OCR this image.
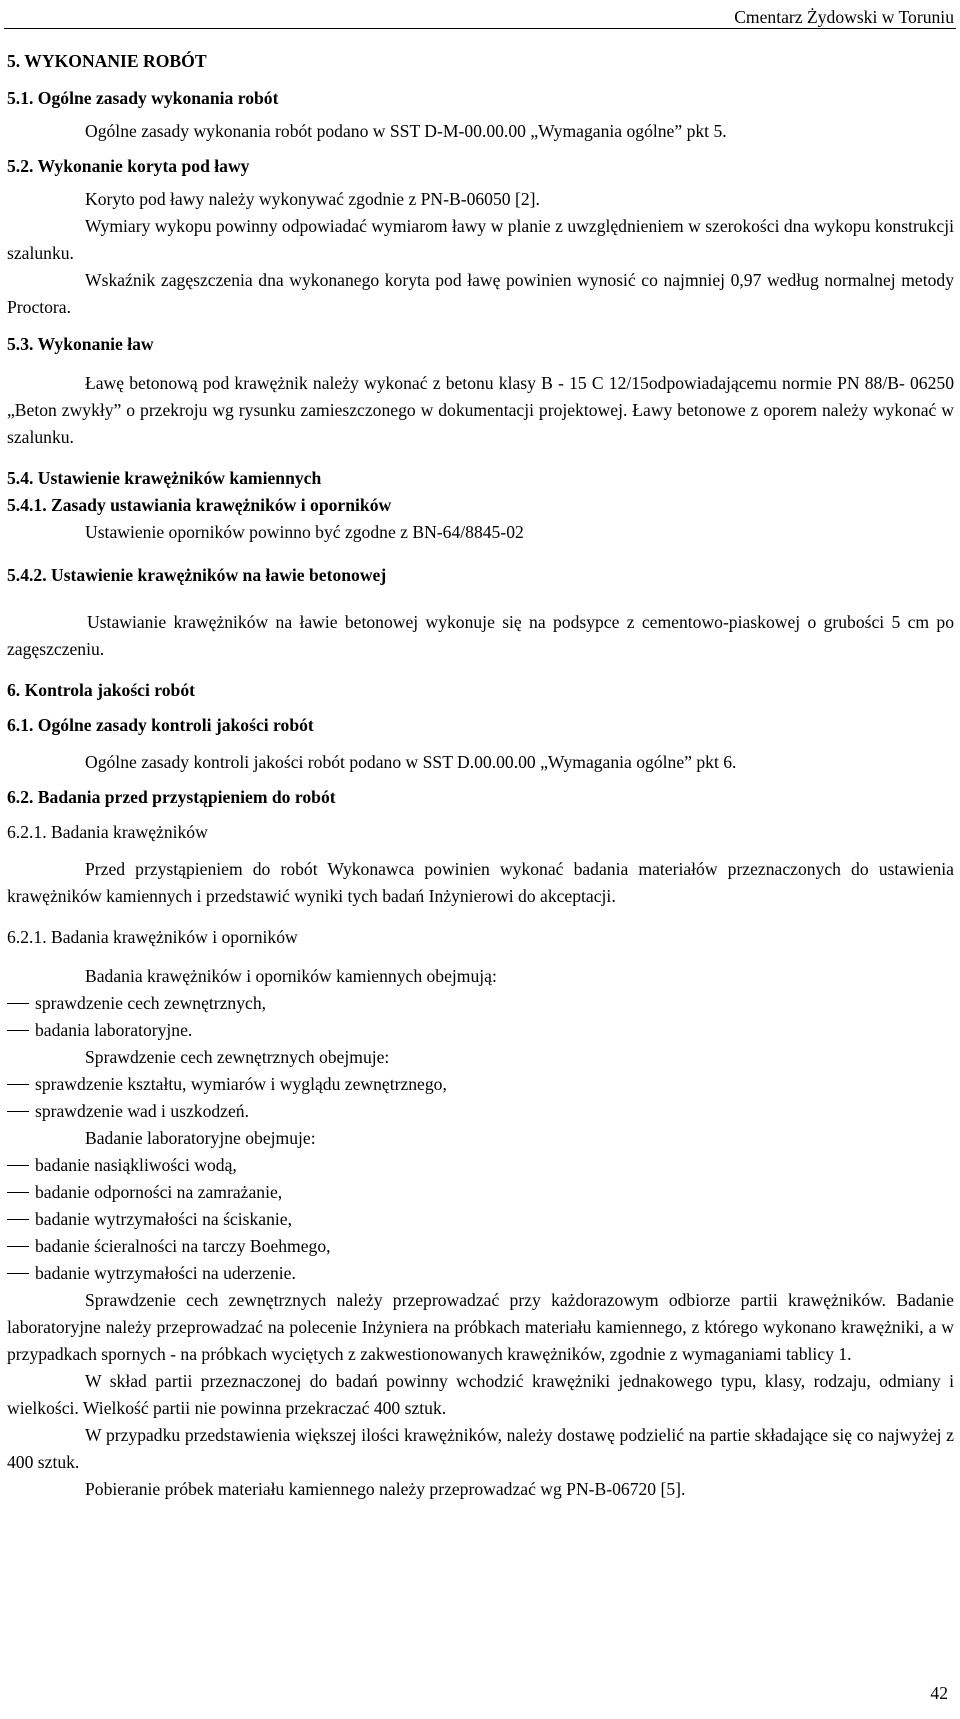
Cmentarz Żydowski w Toruniu
5. WYKONANIE ROBÓT
5.1. Ogólne zasady wykonania robót

Ogólne zasady wykonania robót podano w SST D-M-00.00.00 „Wymagania ogólne” pkt 5.

5.2. Wykonanie koryta pod ławy

Koryto pod ławy należy wykonywać zgodnie z PN-B-06050 [2].

Wymiary wykopu powinny odpowiadać wymiarom ławy w planie z uwzględnieniem w szerokości dna wykopu konstrukcji szalunku.

Wskaźnik zagęszczenia dna wykonanego koryta pod ławę powinien wynosić co najmniej 0,97 według normalnej metody Proctora.

5.3. Wykonanie ław

Ławę betonową pod krawężnik należy wykonać z betonu klasy B - 15 C 12/15odpowiadającemu normie PN 88/B- 06250 „Beton zwykły” o przekroju wg rysunku zamieszczonego w dokumentacji projektowej. Ławy betonowe z oporem należy wykonać w szalunku.

5.4. Ustawienie krawężników kamiennych
5.4.1. Zasady ustawiania krawężników i oporników

Ustawienie oporników powinno być zgodne z BN-64/8845-02

5.4.2. Ustawienie krawężników na ławie betonowej

Ustawianie krawężników na ławie betonowej wykonuje się na podsypce z cementowo-piaskowej o grubości 5 cm po zagęszczeniu.

6. Kontrola jakości robót
6.1. Ogólne zasady kontroli jakości robót

Ogólne zasady kontroli jakości robót podano w SST D.00.00.00 „Wymagania ogólne” pkt 6.

6.2. Badania przed przystąpieniem do robót
6.2.1. Badania krawężników

Przed przystąpieniem do robót Wykonawca powinien wykonać badania materiałów przeznaczonych do ustawienia krawężników kamiennych i przedstawić wyniki tych badań Inżynierowi do akceptacji.

6.2.1. Badania krawężników i oporników

Badania krawężników i oporników kamiennych obejmują:

sprawdzenie cech zewnętrznych,
badania laboratoryjne.

Sprawdzenie cech zewnętrznych obejmuje:

sprawdzenie kształtu, wymiarów i wyglądu zewnętrznego,
sprawdzenie wad i uszkodzeń.

Badanie laboratoryjne obejmuje:

badanie nasiąkliwości wodą,
badanie odporności na zamrażanie,
badanie wytrzymałości na ściskanie,
badanie ścieralności na tarczy Boehmego,
badanie wytrzymałości na uderzenie.

Sprawdzenie cech zewnętrznych należy przeprowadzać przy każdorazowym odbiorze partii krawężników. Badanie laboratoryjne należy przeprowadzać na polecenie Inżyniera na próbkach materiału kamiennego, z którego wykonano krawężniki, a w przypadkach spornych - na próbkach wyciętych z zakwestionowanych krawężników, zgodnie z wymaganiami tablicy 1.

W skład partii przeznaczonej do badań powinny wchodzić krawężniki jednakowego typu, klasy, rodzaju, odmiany i wielkości. Wielkość partii nie powinna przekraczać 400 sztuk.

W przypadku przedstawienia większej ilości krawężników, należy dostawę podzielić na partie składające się co najwyżej z 400 sztuk.

Pobieranie próbek materiału kamiennego należy przeprowadzać wg PN-B-06720 [5].

42
